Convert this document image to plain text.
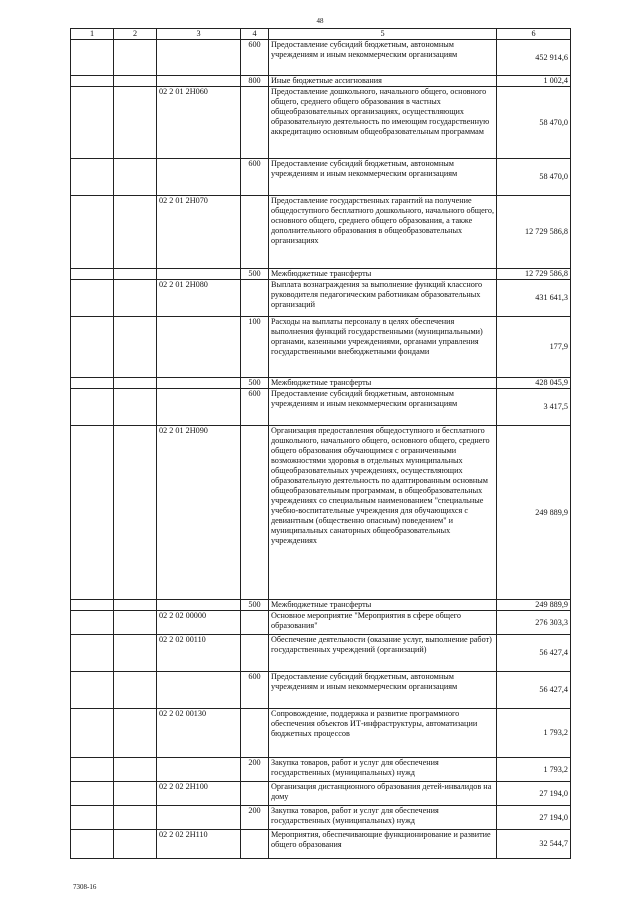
48
1	2	3	4	5	6
			600	Предоставление субсидий бюджетным, автономным учреждениям и иным некоммерческим организациям	452 914,6
			800	Иные бюджетные ассигнования	1 002,4
		02 2 01 2Н060		Предоставление дошкольного, начального общего, основного общего, среднего общего образования в частных общеобразовательных организациях, осуществляющих образовательную деятельность по имеющим государственную аккредитацию основным общеобразовательным программам	58 470,0
			600	Предоставление субсидий бюджетным, автономным учреждениям и иным некоммерческим организациям	58 470,0
		02 2 01 2Н070		Предоставление государственных гарантий на получение общедоступного бесплатного дошкольного, начального общего, основного общего, среднего общего образования, а также дополнительного образования в общеобразовательных организациях	12 729 586,8
			500	Межбюджетные трансферты	12 729 586,8
		02 2 01 2Н080		Выплата вознаграждения за выполнение функций классного руководителя педагогическим работникам образовательных организаций	431 641,3
			100	Расходы на выплаты персоналу в целях обеспечения выполнения функций государственными (муниципальными) органами, казенными учреждениями, органами управления государственными внебюджетными фондами	177,9
			500	Межбюджетные трансферты	428 045,9
			600	Предоставление субсидий бюджетным, автономным учреждениям и иным некоммерческим организациям	3 417,5
		02 2 01 2Н090		Организация предоставления общедоступного и бесплатного дошкольного, начального общего, основного общего, среднего общего образования обучающимся с ограниченными возможностями здоровья в отдельных муниципальных общеобразовательных учреждениях, осуществляющих образовательную деятельность по адаптированным основным общеобразовательным программам, в общеобразовательных учреждениях со специальным наименованием "специальные учебно-воспитательные учреждения для обучающихся с девиантным (общественно опасным) поведением" и муниципальных санаторных общеобразовательных учреждениях	249 889,9
			500	Межбюджетные трансферты	249 889,9
		02 2 02 00000		Основное мероприятие "Мероприятия в сфере общего образования"	276 303,3
		02 2 02 00110		Обеспечение деятельности (оказание услуг, выполнение работ) государственных учреждений (организаций)	56 427,4
			600	Предоставление субсидий бюджетным, автономным учреждениям и иным некоммерческим организациям	56 427,4
		02 2 02 00130		Сопровождение, поддержка и развитие программного обеспечения объектов ИТ-инфраструктуры, автоматизации бюджетных процессов	1 793,2
			200	Закупка товаров, работ и услуг для обеспечения государственных (муниципальных) нужд	1 793,2
		02 2 02 2Н100		Организация дистанционного образования детей-инвалидов на дому	27 194,0
			200	Закупка товаров, работ и услуг для обеспечения государственных (муниципальных) нужд	27 194,0
		02 2 02 2Н110		Мероприятия, обеспечивающие функционирование и развитие общего образования	32 544,7
7308-16
